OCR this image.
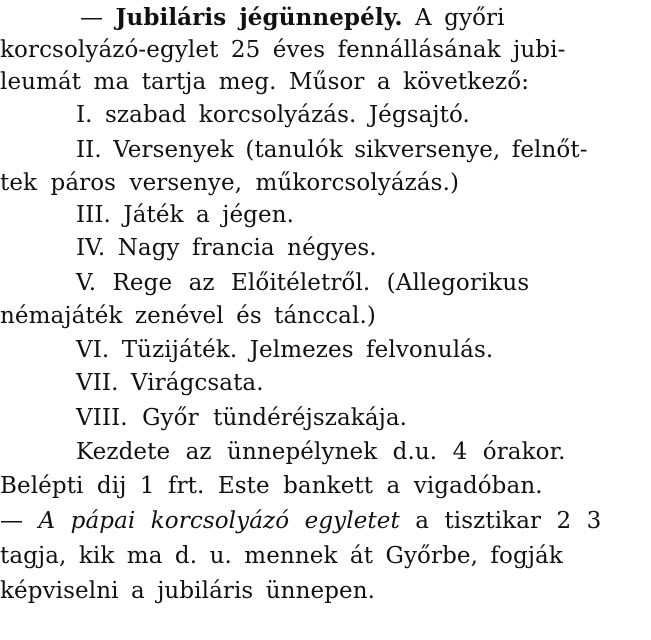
— Jubiláris jégünnepély. A győri
korcsolyázó-egylet 25 éves fennállásának jubi-
leumát ma tartja meg. Műsor a következő:
I. szabad korcsolyázás. Jégsajtó.
II. Versenyek (tanulók sikversenye, felnőt-
tek páros versenye, műkorcsolyázás.)
III. Játék a jégen.
IV. Nagy francia négyes.
V. Rege az Előitéletről. (Allegorikus
némajáték zenével és tánccal.)
VI. Tüzijáték. Jelmezes felvonulás.
VII. Virágcsata.
VIII. Győr tündéréjszakája.
Kezdete az ünnepélynek d.u. 4 órakor.
Belépti dij 1 frt. Este bankett a vigadóban.
— A pápai korcsolyázó egyletet a tisztikar 2 3
tagja, kik ma d. u. mennek át Győrbe, fogják
képviselni a jubiláris ünnepen.
